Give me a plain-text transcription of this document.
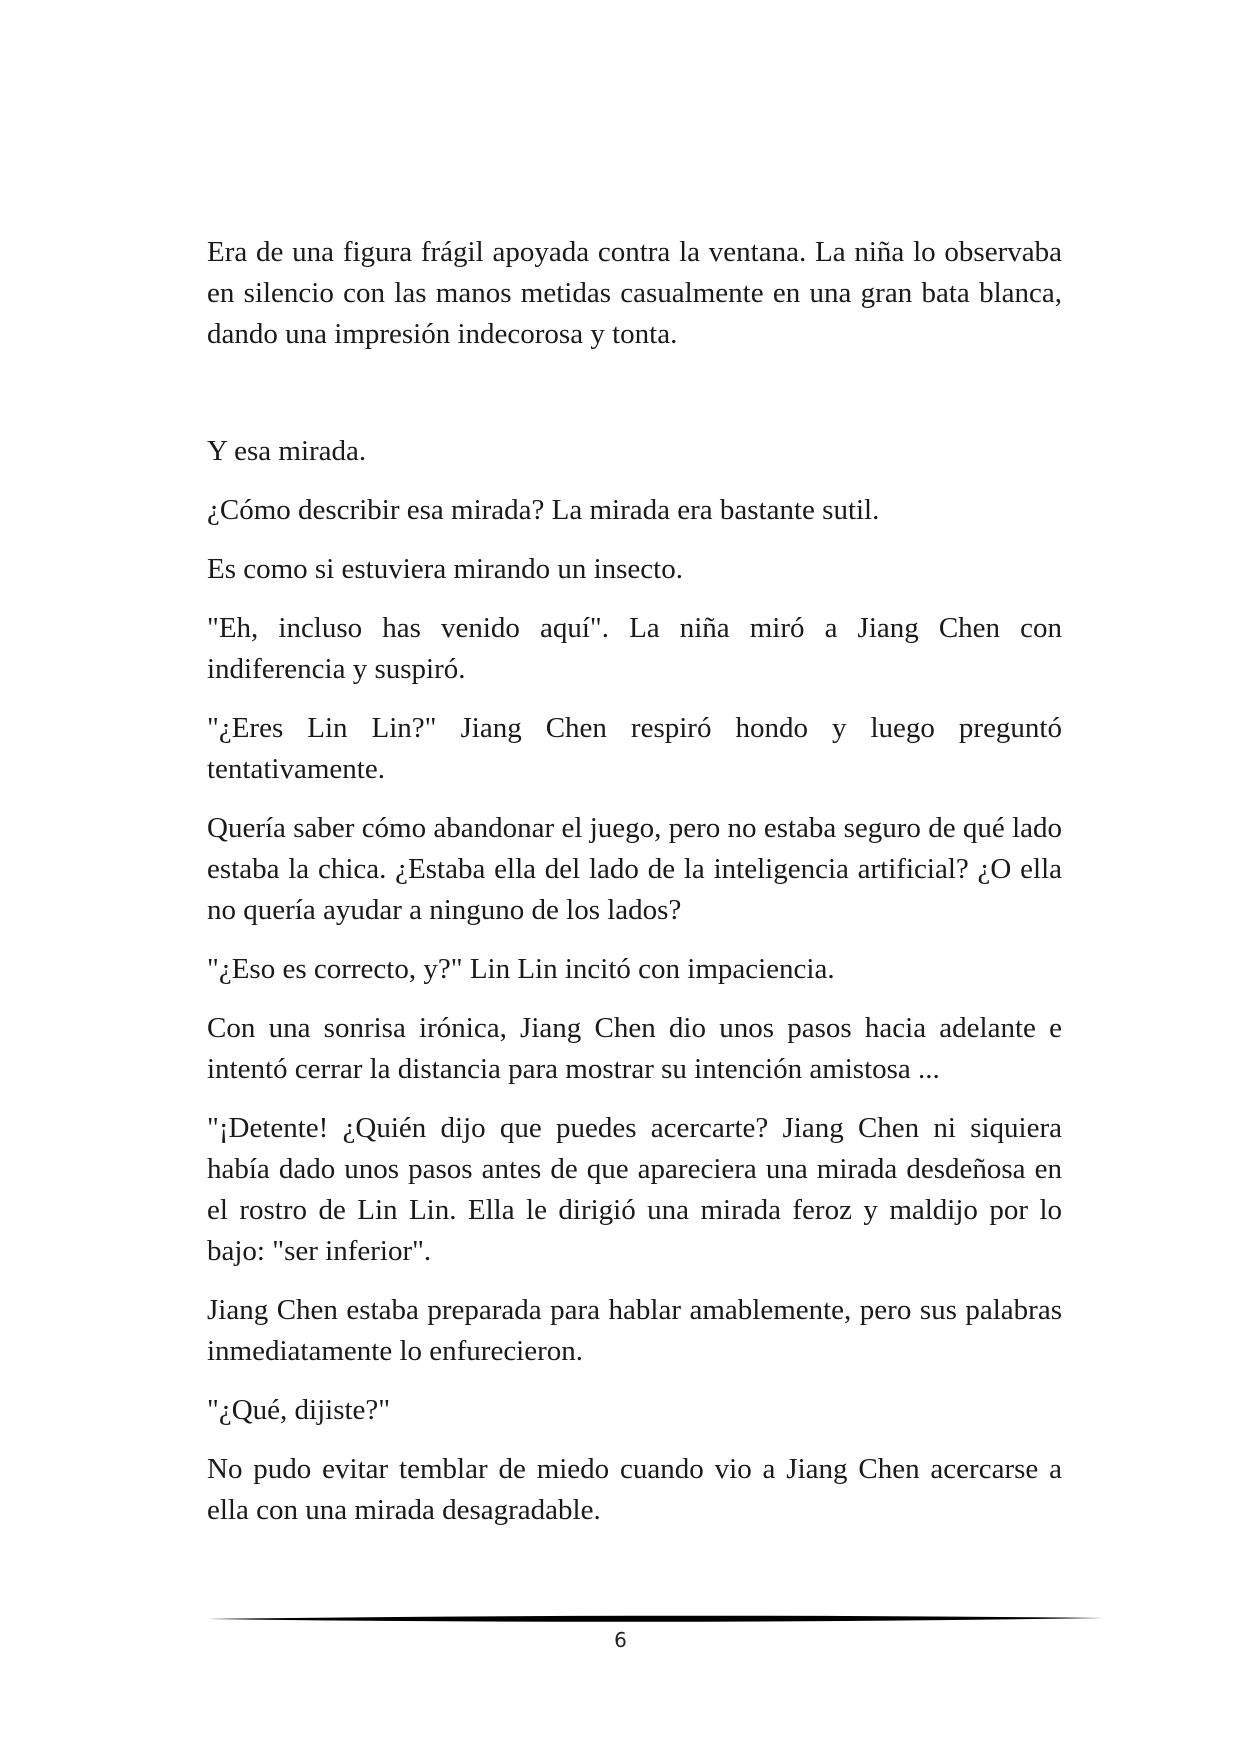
Era de una figura frágil apoyada contra la ventana. La niña lo observaba en silencio con las manos metidas casualmente en una gran bata blanca, dando una impresión indecorosa y tonta.

Y esa mirada.

¿Cómo describir esa mirada? La mirada era bastante sutil.

Es como si estuviera mirando un insecto.

"Eh, incluso has venido aquí". La niña miró a Jiang Chen con indiferencia y suspiró.

"¿Eres Lin Lin?" Jiang Chen respiró hondo y luego preguntó tentativamente.

Quería saber cómo abandonar el juego, pero no estaba seguro de qué lado estaba la chica. ¿Estaba ella del lado de la inteligencia artificial? ¿O ella no quería ayudar a ninguno de los lados?

"¿Eso es correcto, y?" Lin Lin incitó con impaciencia.

Con una sonrisa irónica, Jiang Chen dio unos pasos hacia adelante e intentó cerrar la distancia para mostrar su intención amistosa ...

"¡Detente! ¿Quién dijo que puedes acercarte? Jiang Chen ni siquiera había dado unos pasos antes de que apareciera una mirada desdeñosa en el rostro de Lin Lin. Ella le dirigió una mirada feroz y maldijo por lo bajo: "ser inferior".

Jiang Chen estaba preparada para hablar amablemente, pero sus palabras inmediatamente lo enfurecieron.

"¿Qué, dijiste?"

No pudo evitar temblar de miedo cuando vio a Jiang Chen acercarse a ella con una mirada desagradable.

6
